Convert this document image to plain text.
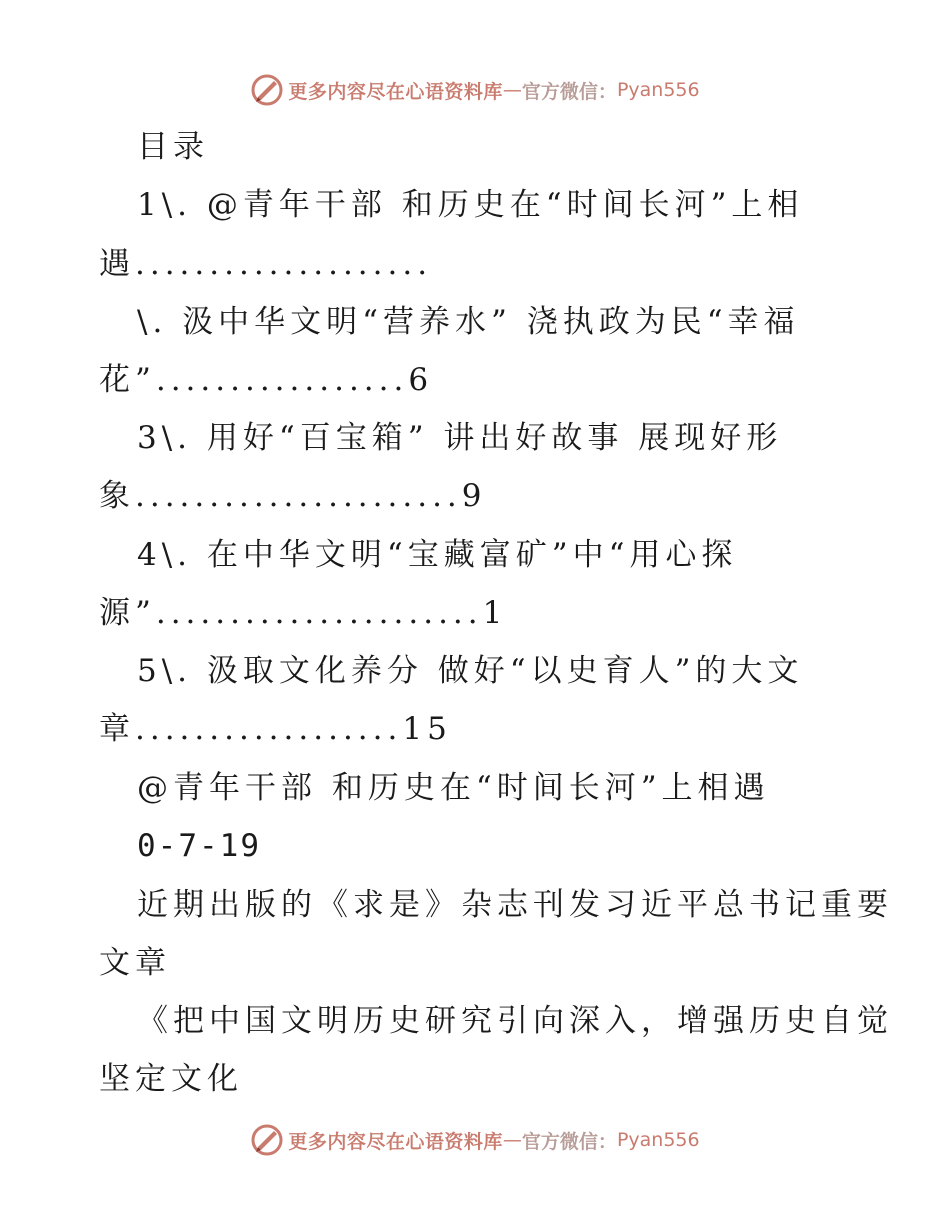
更多内容尽在心语资料库 — 官方微信： Pyan556
目录
1\. @青年干部 和历史在“时间长河”上相
遇....................
\. 汲中华文明“营养水” 浇执政为民“幸福
花”.................6
3\. 用好“百宝箱” 讲出好故事 展现好形
象......................9
4\. 在中华文明“宝藏富矿”中“用心探
源”......................1
5\. 汲取文化养分 做好“以史育人”的大文
章..................15
@青年干部 和历史在“时间长河”上相遇
0-7-19
近期出版的《求是》杂志刊发习近平总书记重要
文章
《把中国文明历史研究引向深入，增强历史自觉
坚定文化
更多内容尽在心语资料库 — 官方微信： Pyan556
